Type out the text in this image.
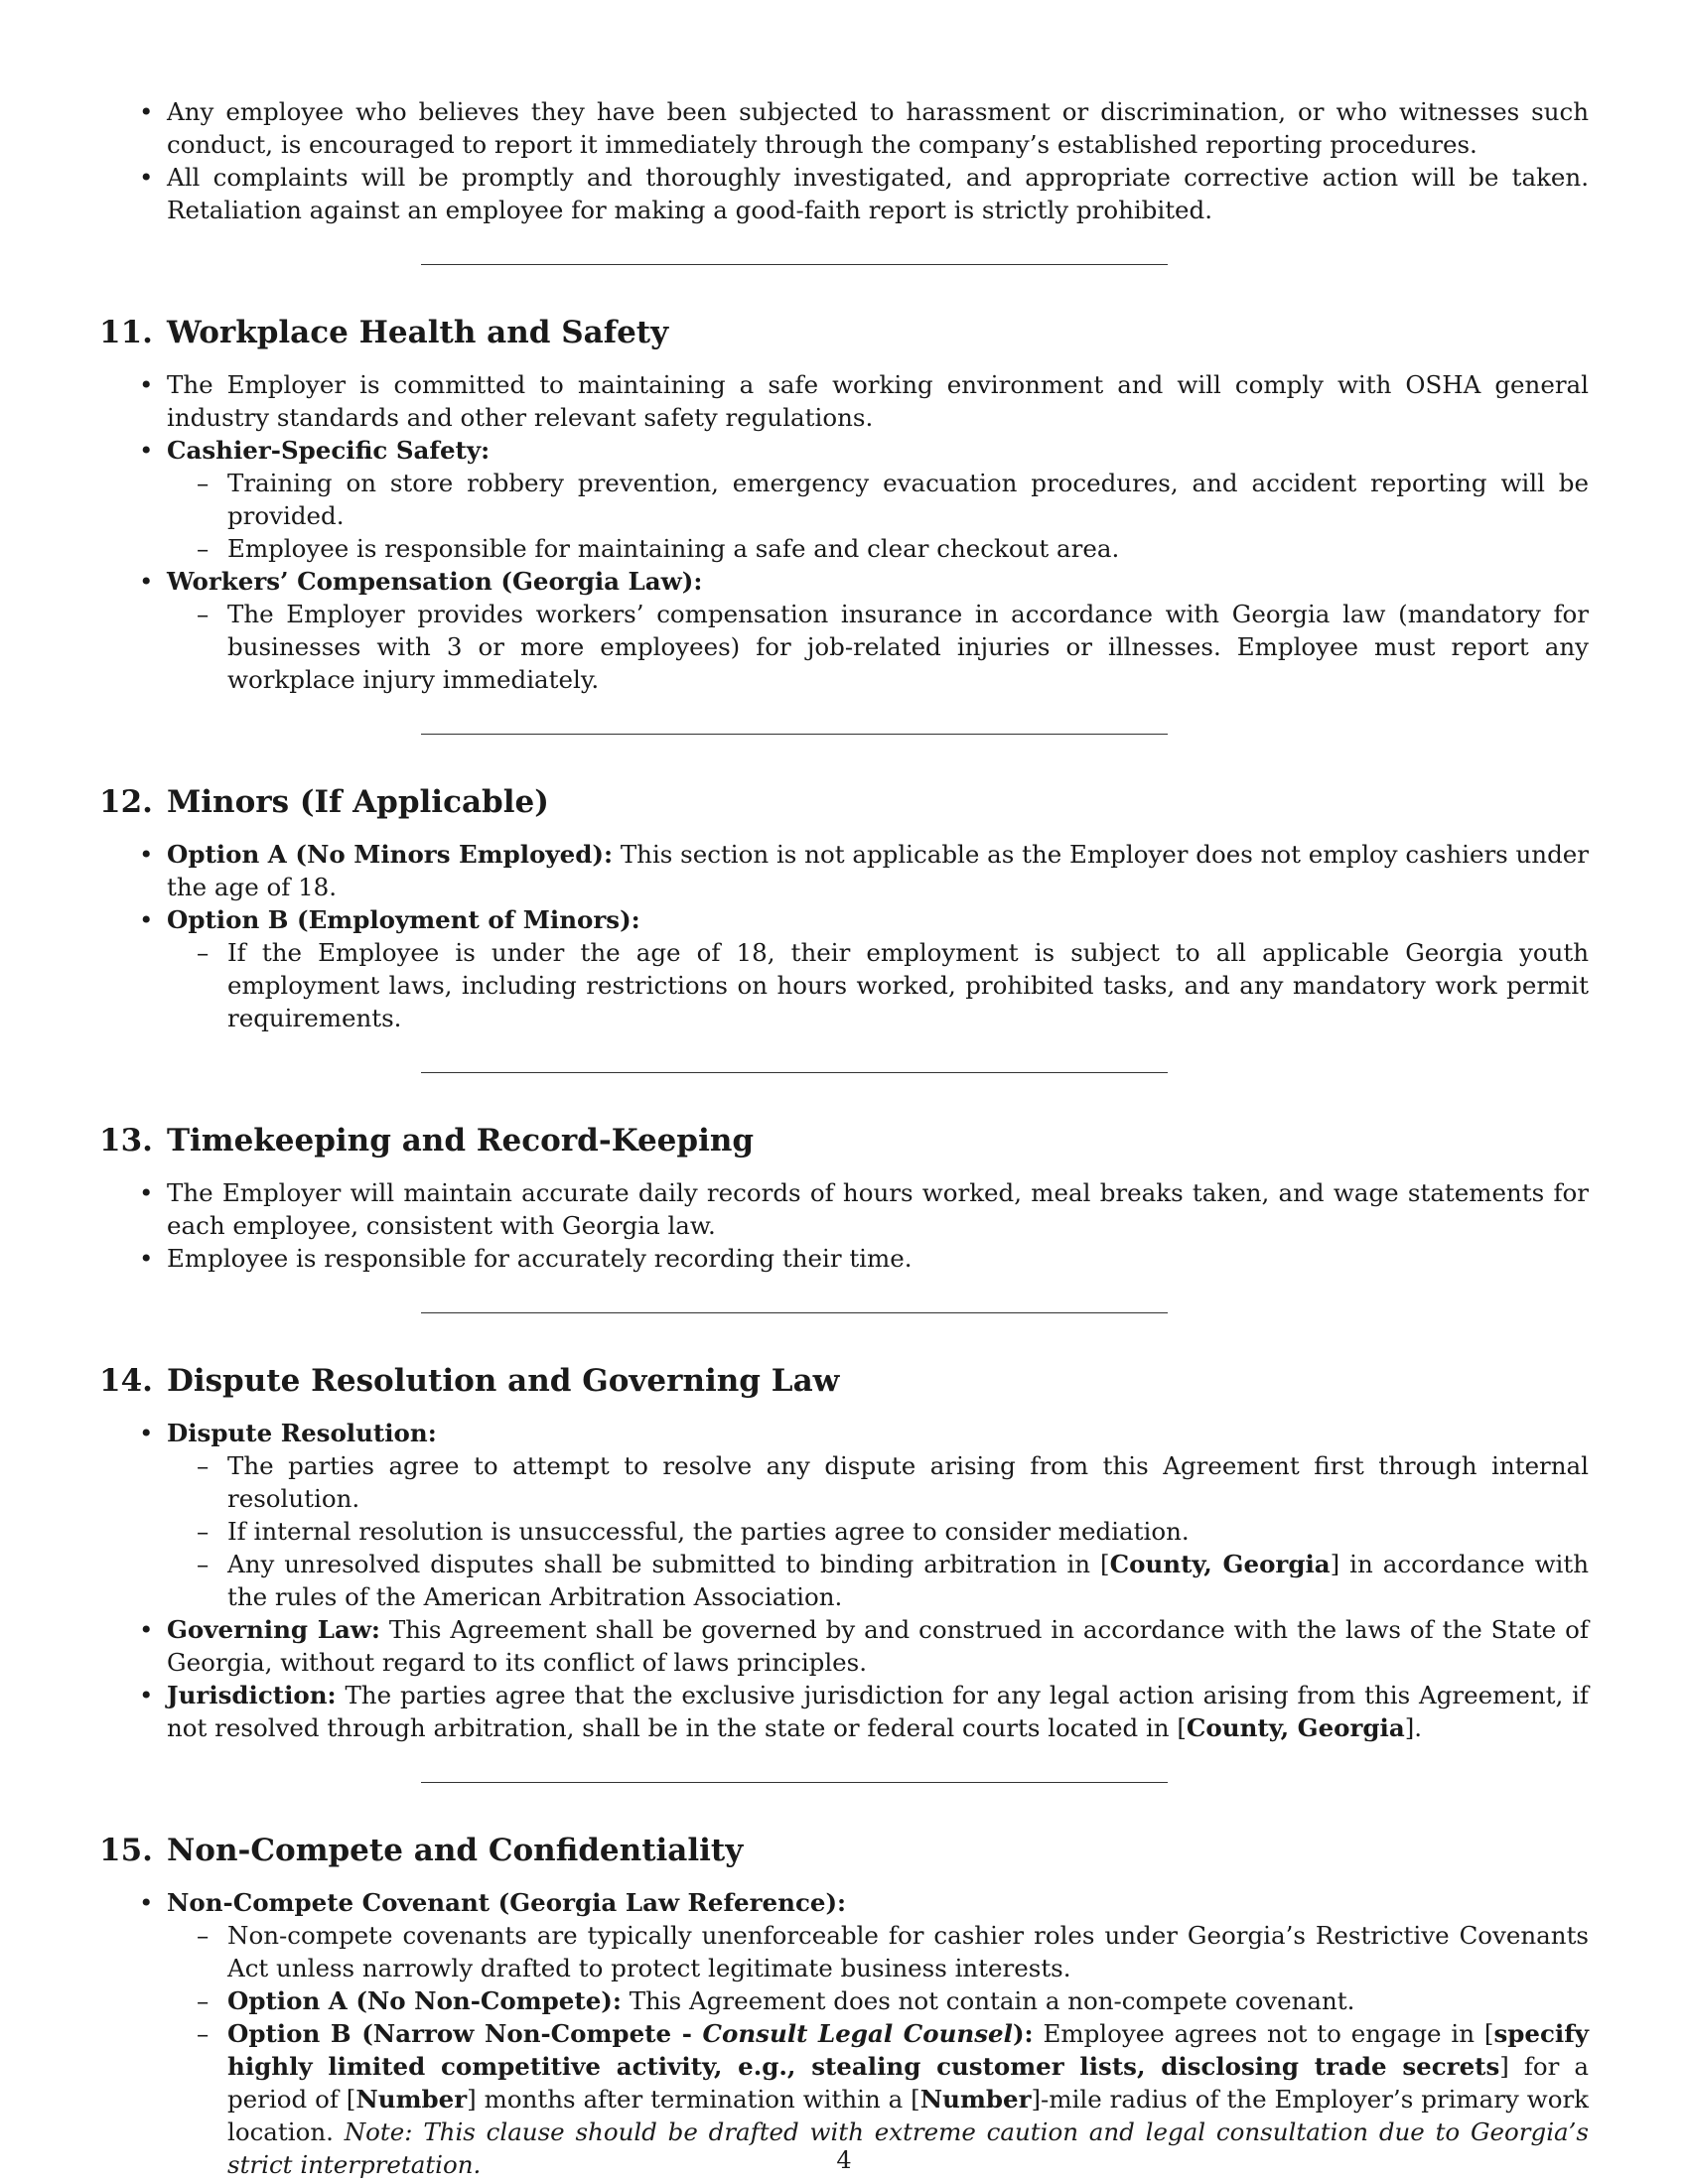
• Any employee who believes they have been subjected to harassment or discrimination, or who witnesses such conduct, is encouraged to report it immediately through the company’s established reporting procedures.
• All complaints will be promptly and thoroughly investigated, and appropriate corrective action will be taken. Retaliation against an employee for making a good-faith report is strictly prohibited.
11. Workplace Health and Safety
• The Employer is committed to maintaining a safe working environment and will comply with OSHA general industry standards and other relevant safety regulations.
• Cashier-Specific Safety:
– Training on store robbery prevention, emergency evacuation procedures, and accident reporting will be provided.
– Employee is responsible for maintaining a safe and clear checkout area.
• Workers’ Compensation (Georgia Law):
– The Employer provides workers’ compensation insurance in accordance with Georgia law (mandatory for businesses with 3 or more employees) for job-related injuries or illnesses. Employee must report any workplace injury immediately.
12. Minors (If Applicable)
• Option A (No Minors Employed): This section is not applicable as the Employer does not employ cashiers under the age of 18.
• Option B (Employment of Minors):
– If the Employee is under the age of 18, their employment is subject to all applicable Georgia youth employment laws, including restrictions on hours worked, prohibited tasks, and any mandatory work permit requirements.
13. Timekeeping and Record-Keeping
• The Employer will maintain accurate daily records of hours worked, meal breaks taken, and wage statements for each employee, consistent with Georgia law.
• Employee is responsible for accurately recording their time.
14. Dispute Resolution and Governing Law
• Dispute Resolution:
– The parties agree to attempt to resolve any dispute arising from this Agreement first through internal resolution.
– If internal resolution is unsuccessful, the parties agree to consider mediation.
– Any unresolved disputes shall be submitted to binding arbitration in [County, Georgia] in accordance with the rules of the American Arbitration Association.
• Governing Law: This Agreement shall be governed by and construed in accordance with the laws of the State of Georgia, without regard to its conflict of laws principles.
• Jurisdiction: The parties agree that the exclusive jurisdiction for any legal action arising from this Agreement, if not resolved through arbitration, shall be in the state or federal courts located in [County, Georgia].
15. Non-Compete and Confidentiality
• Non-Compete Covenant (Georgia Law Reference):
– Non-compete covenants are typically unenforceable for cashier roles under Georgia’s Restrictive Covenants Act unless narrowly drafted to protect legitimate business interests.
– Option A (No Non-Compete): This Agreement does not contain a non-compete covenant.
– Option B (Narrow Non-Compete - Consult Legal Counsel): Employee agrees not to engage in [specify highly limited competitive activity, e.g., stealing customer lists, disclosing trade secrets] for a period of [Number] months after termination within a [Number]-mile radius of the Employer’s primary work location. Note: This clause should be drafted with extreme caution and legal consultation due to Georgia’s strict interpretation.	4
